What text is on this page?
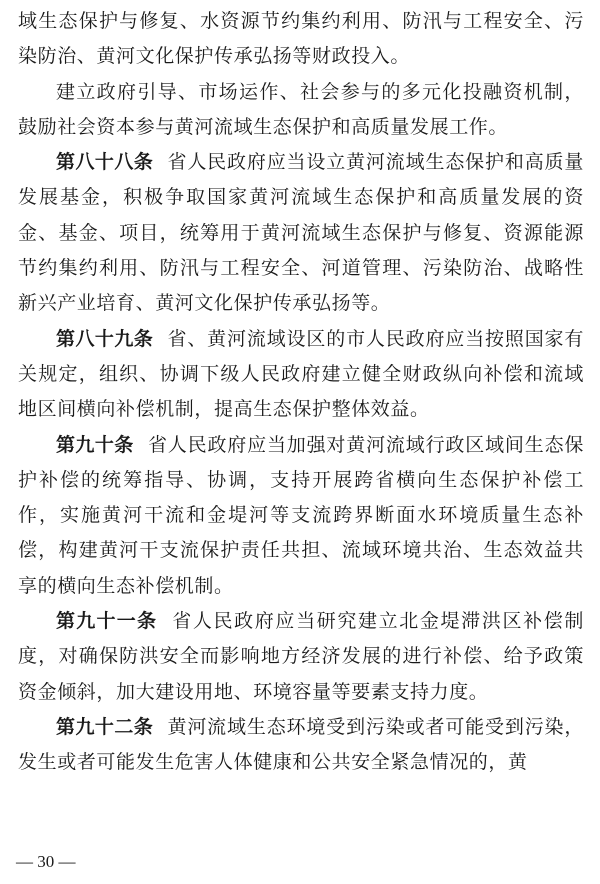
域生态保护与修复、水资源节约集约利用、防汛与工程安全、污染防治、黄河文化保护传承弘扬等财政投入。

建立政府引导、市场运作、社会参与的多元化投融资机制，鼓励社会资本参与黄河流域生态保护和高质量发展工作。

第八十八条 省人民政府应当设立黄河流域生态保护和高质量发展基金，积极争取国家黄河流域生态保护和高质量发展的资金、基金、项目，统筹用于黄河流域生态保护与修复、资源能源节约集约利用、防汛与工程安全、河道管理、污染防治、战略性新兴产业培育、黄河文化保护传承弘扬等。

第八十九条 省、黄河流域设区的市人民政府应当按照国家有关规定，组织、协调下级人民政府建立健全财政纵向补偿和流域地区间横向补偿机制，提高生态保护整体效益。

第九十条 省人民政府应当加强对黄河流域行政区域间生态保护补偿的统筹指导、协调，支持开展跨省横向生态保护补偿工作，实施黄河干流和金堤河等支流跨界断面水环境质量生态补偿，构建黄河干支流保护责任共担、流域环境共治、生态效益共享的横向生态补偿机制。

第九十一条 省人民政府应当研究建立北金堤滞洪区补偿制度，对确保防洪安全而影响地方经济发展的进行补偿、给予政策资金倾斜，加大建设用地、环境容量等要素支持力度。

第九十二条 黄河流域生态环境受到污染或者可能受到污染，发生或者可能发生危害人体健康和公共安全紧急情况的，黄

— 30 —
